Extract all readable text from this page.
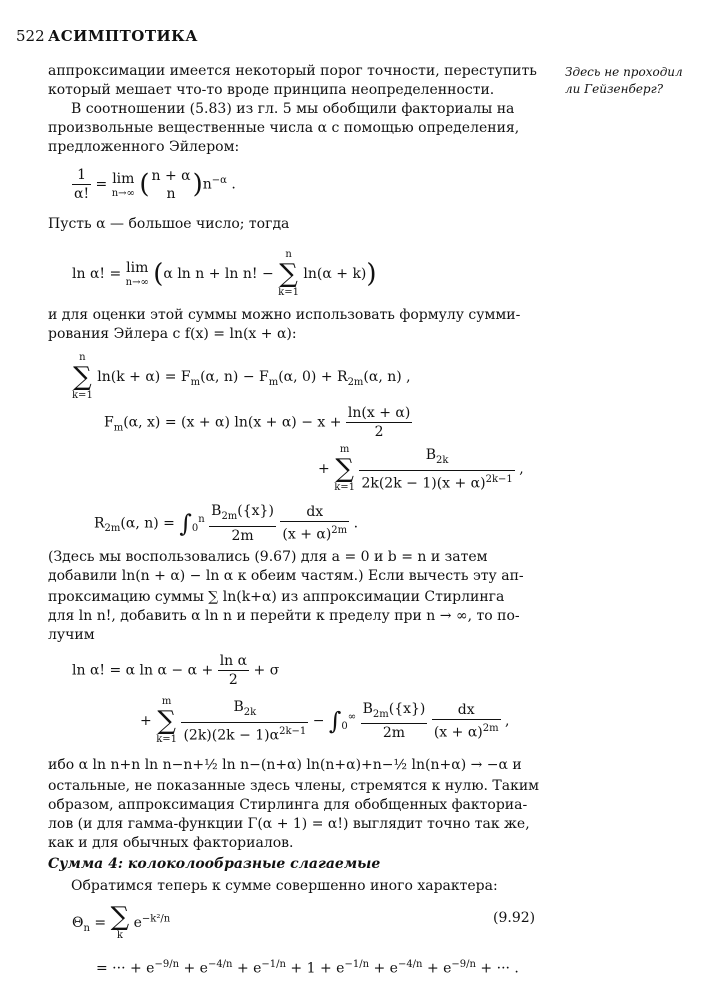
522 АСИМПТОТИКА
Здесь не проходил ли Гейзенберг?

аппроксимации имеется некоторый порог точности, переступить

который мешает что-то вроде принципа неопределенности.

В соотношении (5.83) из гл. 5 мы обобщили факториалы на

произвольные вещественные числа α с помощью определения,

предложенного Эйлером:

$\frac{1}{\alpha!} = \lim$
n→∞ ( n + α
n )$n^{-\alpha}$ .

Пусть α — большое число; тогда

ln α! = lim
n→∞ (α ln n + ln n! −
n
∑
k=1
ln(α + k))

и для оценки этой суммы можно использовать формулу сумми-

рования Эйлера с f(x) = ln(x + α):

n
∑
k=1
$\ln(k + \alpha) = F_m(\alpha$, $n) - F_m(\alpha$, $0) + R_{2m}(\alpha$, n) ,
$F_m(\alpha$, x) = (x + α) $\ln(x + \alpha) - x + \frac{\ln(x + \alpha)}{2}$
+
m
∑
k=1
$\frac{B_{2k}}{2k(2k - 1)(x + \alpha)^{2k-1}}$ ,
$R_{2m}(\alpha$, $n) = \int_0^n \frac{B_{2m}(\{x\})}{2m}$
$\frac{dx}{(x + \alpha)^{2m}}$ .

(Здесь мы воспользовались (9.67) для a = 0 и b = n и затем

добавили ln(n + α) − ln α к обеим частям.) Если вычесть эту ап-

проксимацию суммы ∑ ln(k+α) из аппроксимации Стирлинга

для ln n!, добавить α ln n и перейти к пределу при n → ∞, то по-

лучим

ln α! = α $\ln \alpha - \alpha + \frac{\text{ln α}}{2} + \sigma$
+
m
∑
k=1
$\frac{B_{2k}}{(2k)(2k - 1)\alpha^{2k-1}} - \int_0^\infty \frac{B_{2m}(\{x\})}{2m}$
$\frac{dx}{(x + \alpha)^{2m}}$ ,

ибо α ln n+n ln n−n+½ ln n−(n+α) ln(n+α)+n−½ ln(n+α) → −α и

остальные, не показанные здесь члены, стремятся к нулю. Таким

образом, аппроксимация Стирлинга для обобщенных факториа-

лов (и для гамма-функции Γ(α + 1) = α!) выглядит точно так же,

как и для обычных факториалов.

Сумма 4: колоколообразные слагаемые

Обратимся теперь к сумме совершенно иного характера:

$\Theta_n$ = ∑
k
$e^{-k^2/n}$	(9.92)
= ··· + $e^{-9/n} + e^{-4/n} + e^{-1/n} + 1 + e^{-1/n} + e^{-4/n} + e^{-9/n}$ + ··· .
